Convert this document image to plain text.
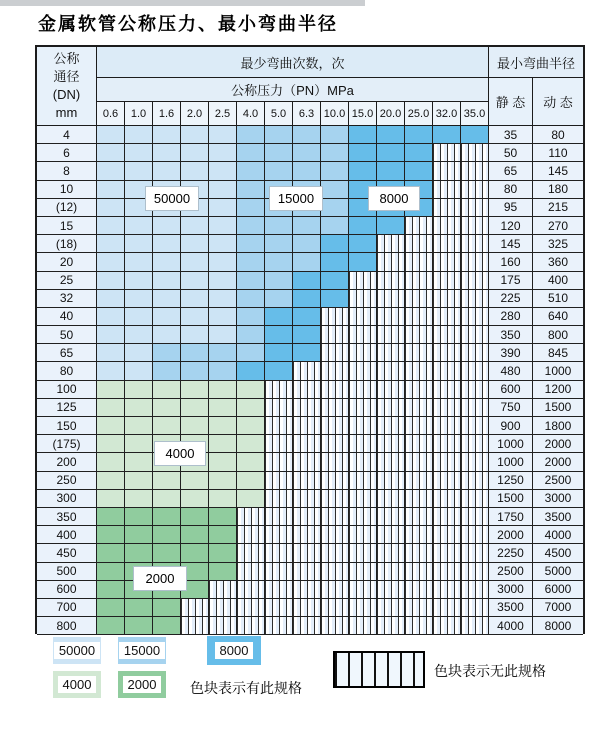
金属软管公称压力、最小弯曲半径
公称
通径
(DN)
mm
最少弯曲次数，次	最小弯曲半径
公称压力（PN）MPa
静 态	动 态
0.6	1.0	1.6	2.0	2.5	4.0	5.0	6.3 10.0 15.0 20.0 25.0 32.0 35.0
4	35	80
6	50	110
8	65	145
10	80	180
(12)	95	215
15	120	270
(18)	145	325
20	160	360
25	175	400
32	225	510
40	280	640
50	350	800
65	390	845
80	480	1000
100	600	1200
125	750	1500
150	900	1800
(175)	1000	2000
200	1000	2000
250	1250	2500
300	1500	3000
350	1750	3500
400	2000	4000
450	2250	4500
500	2500	5000
600	3000	6000
700	3500	7000
800	4000	8000
50000	15000	8000
4000
2000
50000	15000	8000
4000	2000	色块表示有此规格
色块表示无此规格
